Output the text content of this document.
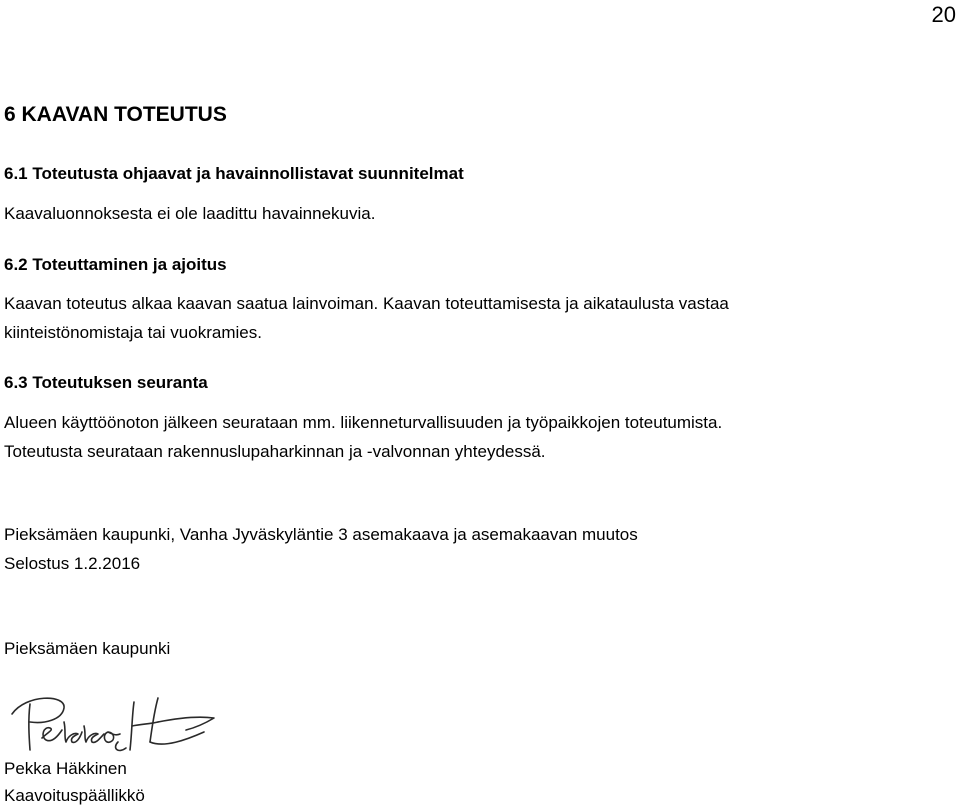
20
6 KAAVAN TOTEUTUS
6.1 Toteutusta ohjaavat ja havainnollistavat suunnitelmat
Kaavaluonnoksesta ei ole laadittu havainnekuvia.
6.2 Toteuttaminen ja ajoitus
Kaavan toteutus alkaa kaavan saatua lainvoiman. Kaavan toteuttamisesta ja aikataulusta vastaa
kiinteistönomistaja tai vuokramies.
6.3 Toteutuksen seuranta
Alueen käyttöönoton jälkeen seurataan mm. liikenneturvallisuuden ja työpaikkojen toteutumista.
Toteutusta seurataan rakennuslupaharkinnan ja -valvonnan yhteydessä.
Pieksämäen kaupunki, Vanha Jyväskyläntie 3 asemakaava ja asemakaavan muutos
Selostus 1.2.2016
Pieksämäen kaupunki
Pekka Häkkinen
Kaavoituspäällikkö
